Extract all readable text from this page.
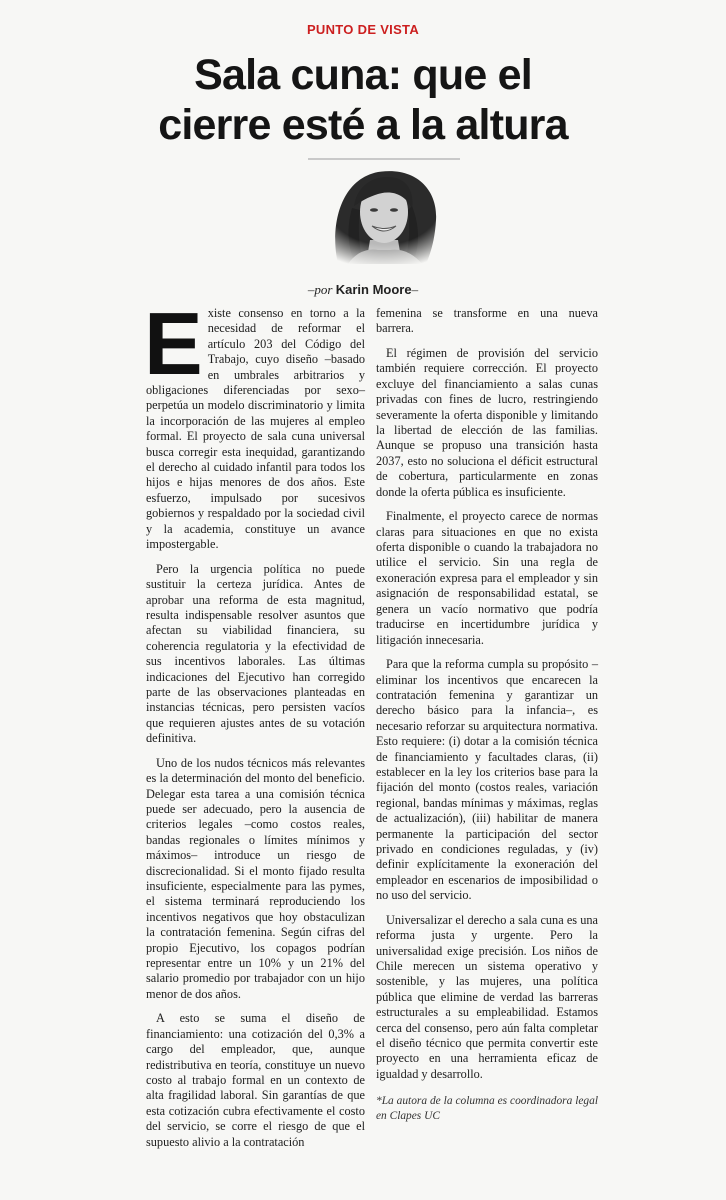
PUNTO DE VISTA
Sala cuna: que el
cierre esté a la altura
–por Karin Moore–

Existe consenso en torno a la necesidad de reformar el artículo 203 del Código del Trabajo, cuyo diseño –basado en umbrales arbitrarios y obligaciones diferenciadas por sexo– perpetúa un modelo discriminatorio y limita la incorporación de las mujeres al empleo formal. El proyecto de sala cuna universal busca corregir esta inequidad, garantizando el derecho al cuidado infantil para todos los hijos e hijas menores de dos años. Este esfuerzo, impulsado por sucesivos gobiernos y respaldado por la sociedad civil y la academia, constituye un avance impostergable.

Pero la urgencia política no puede sustituir la certeza jurídica. Antes de aprobar una reforma de esta magnitud, resulta indispensable resolver asuntos que afectan su viabilidad financiera, su coherencia regulatoria y la efectividad de sus incentivos laborales. Las últimas indicaciones del Ejecutivo han corregido parte de las observaciones planteadas en instancias técnicas, pero persisten vacíos que requieren ajustes antes de su votación definitiva.

Uno de los nudos técnicos más relevantes es la determinación del monto del beneficio. Delegar esta tarea a una comisión técnica puede ser adecuado, pero la ausencia de criterios legales –como costos reales, bandas regionales o límites mínimos y máximos– introduce un riesgo de discrecionalidad. Si el monto fijado resulta insuficiente, especialmente para las pymes, el sistema terminará reproduciendo los incentivos negativos que hoy obstaculizan la contratación femenina. Según cifras del propio Ejecutivo, los copagos podrían representar entre un 10% y un 21% del salario promedio por trabajador con un hijo menor de dos años.

A esto se suma el diseño de financiamiento: una cotización del 0,3% a cargo del empleador, que, aunque redistributiva en teoría, constituye un nuevo costo al trabajo formal en un contexto de alta fragilidad laboral. Sin garantías de que esta cotización cubra efectivamente el costo del servicio, se corre el riesgo de que el supuesto alivio a la contratación

femenina se transforme en una nueva barrera.

El régimen de provisión del servicio también requiere corrección. El proyecto excluye del financiamiento a salas cunas privadas con fines de lucro, restringiendo severamente la oferta disponible y limitando la libertad de elección de las familias. Aunque se propuso una transición hasta 2037, esto no soluciona el déficit estructural de cobertura, particularmente en zonas donde la oferta pública es insuficiente.

Finalmente, el proyecto carece de normas claras para situaciones en que no exista oferta disponible o cuando la trabajadora no utilice el servicio. Sin una regla de exoneración expresa para el empleador y sin asignación de responsabilidad estatal, se genera un vacío normativo que podría traducirse en incertidumbre jurídica y litigación innecesaria.

Para que la reforma cumpla su propósito –eliminar los incentivos que encarecen la contratación femenina y garantizar un derecho básico para la infancia–, es necesario reforzar su arquitectura normativa. Esto requiere: (i) dotar a la comisión técnica de financiamiento y facultades claras, (ii) establecer en la ley los criterios base para la fijación del monto (costos reales, variación regional, bandas mínimas y máximas, reglas de actualización), (iii) habilitar de manera permanente la participación del sector privado en condiciones reguladas, y (iv) definir explícitamente la exoneración del empleador en escenarios de imposibilidad o no uso del servicio.

Universalizar el derecho a sala cuna es una reforma justa y urgente. Pero la universalidad exige precisión. Los niños de Chile merecen un sistema operativo y sostenible, y las mujeres, una política pública que elimine de verdad las barreras estructurales a su empleabilidad. Estamos cerca del consenso, pero aún falta completar el diseño técnico que permita convertir este proyecto en una herramienta eficaz de igualdad y desarrollo.

*La autora de la columna es coordinadora legal en Clapes UC
